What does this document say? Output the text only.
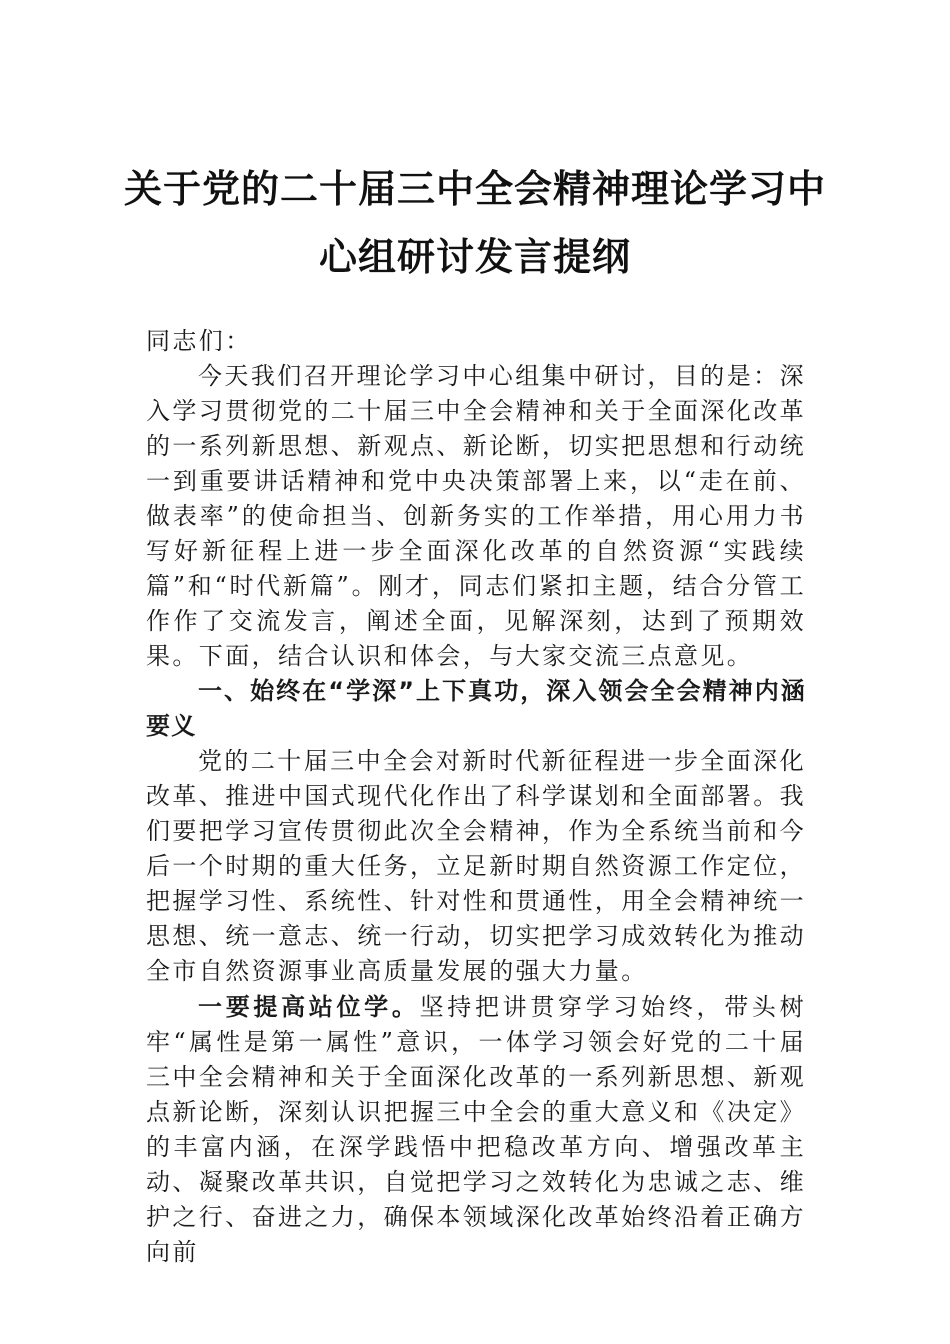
关于党的二十届三中全会精神理论学习中
心组研讨发言提纲

同志们：

今天我们召开理论学习中心组集中研讨，目的是：深入学习贯彻党的二十届三中全会精神和关于全面深化改革的一系列新思想、新观点、新论断，切实把思想和行动统一到重要讲话精神和党中央决策部署上来，以“走在前、做表率”的使命担当、创新务实的工作举措，用心用力书写好新征程上进一步全面深化改革的自然资源“实践续篇”和“时代新篇”。刚才，同志们紧扣主题，结合分管工作作了交流发言，阐述全面，见解深刻，达到了预期效果。下面，结合认识和体会，与大家交流三点意见。

一、始终在“学深”上下真功，深入领会全会精神内涵要义

党的二十届三中全会对新时代新征程进一步全面深化改革、推进中国式现代化作出了科学谋划和全面部署。我们要把学习宣传贯彻此次全会精神，作为全系统当前和今后一个时期的重大任务，立足新时期自然资源工作定位，把握学习性、系统性、针对性和贯通性，用全会精神统一思想、统一意志、统一行动，切实把学习成效转化为推动全市自然资源事业高质量发展的强大力量。

一要提高站位学。坚持把讲贯穿学习始终，带头树牢“属性是第一属性”意识，一体学习领会好党的二十届三中全会精神和关于全面深化改革的一系列新思想、新观点新论断，深刻认识把握三中全会的重大意义和《决定》的丰富内涵，在深学践悟中把稳改革方向、增强改革主动、凝聚改革共识，自觉把学习之效转化为忠诚之志、维护之行、奋进之力，确保本领域深化改革始终沿着正确方向前
